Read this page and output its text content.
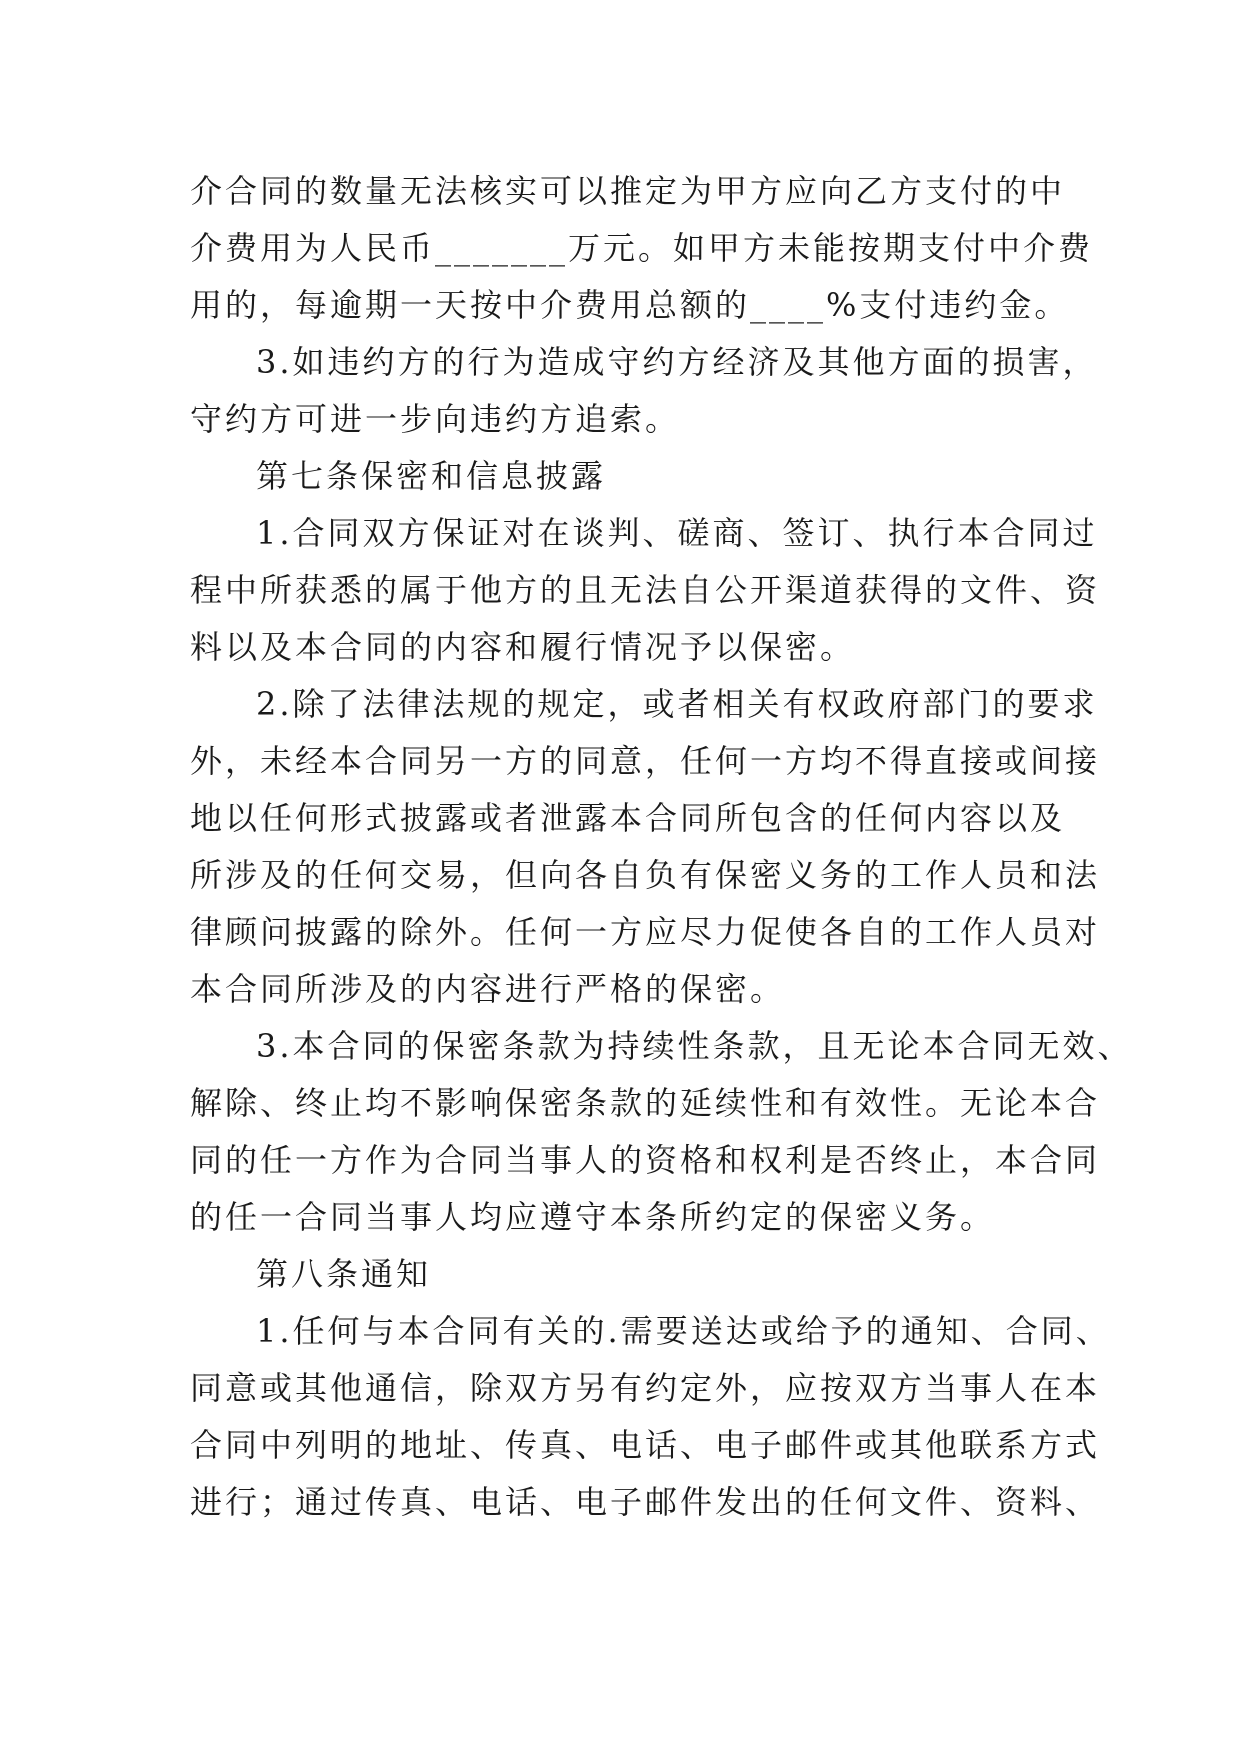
介合同的数量无法核实可以推定为甲方应向乙方支付的中
介费用为人民币_______万元。如甲方未能按期支付中介费
用的，每逾期一天按中介费用总额的____%支付违约金。
3.如违约方的行为造成守约方经济及其他方面的损害，
守约方可进一步向违约方追索。
第七条保密和信息披露
1.合同双方保证对在谈判、磋商、签订、执行本合同过
程中所获悉的属于他方的且无法自公开渠道获得的文件、资
料以及本合同的内容和履行情况予以保密。
2.除了法律法规的规定，或者相关有权政府部门的要求
外，未经本合同另一方的同意，任何一方均不得直接或间接
地以任何形式披露或者泄露本合同所包含的任何内容以及
所涉及的任何交易，但向各自负有保密义务的工作人员和法
律顾问披露的除外。任何一方应尽力促使各自的工作人员对
本合同所涉及的内容进行严格的保密。
3.本合同的保密条款为持续性条款，且无论本合同无效、
解除、终止均不影响保密条款的延续性和有效性。无论本合
同的任一方作为合同当事人的资格和权利是否终止，本合同
的任一合同当事人均应遵守本条所约定的保密义务。
第八条通知
1.任何与本合同有关的.需要送达或给予的通知、合同、
同意或其他通信，除双方另有约定外，应按双方当事人在本
合同中列明的地址、传真、电话、电子邮件或其他联系方式
进行；通过传真、电话、电子邮件发出的任何文件、资料、
